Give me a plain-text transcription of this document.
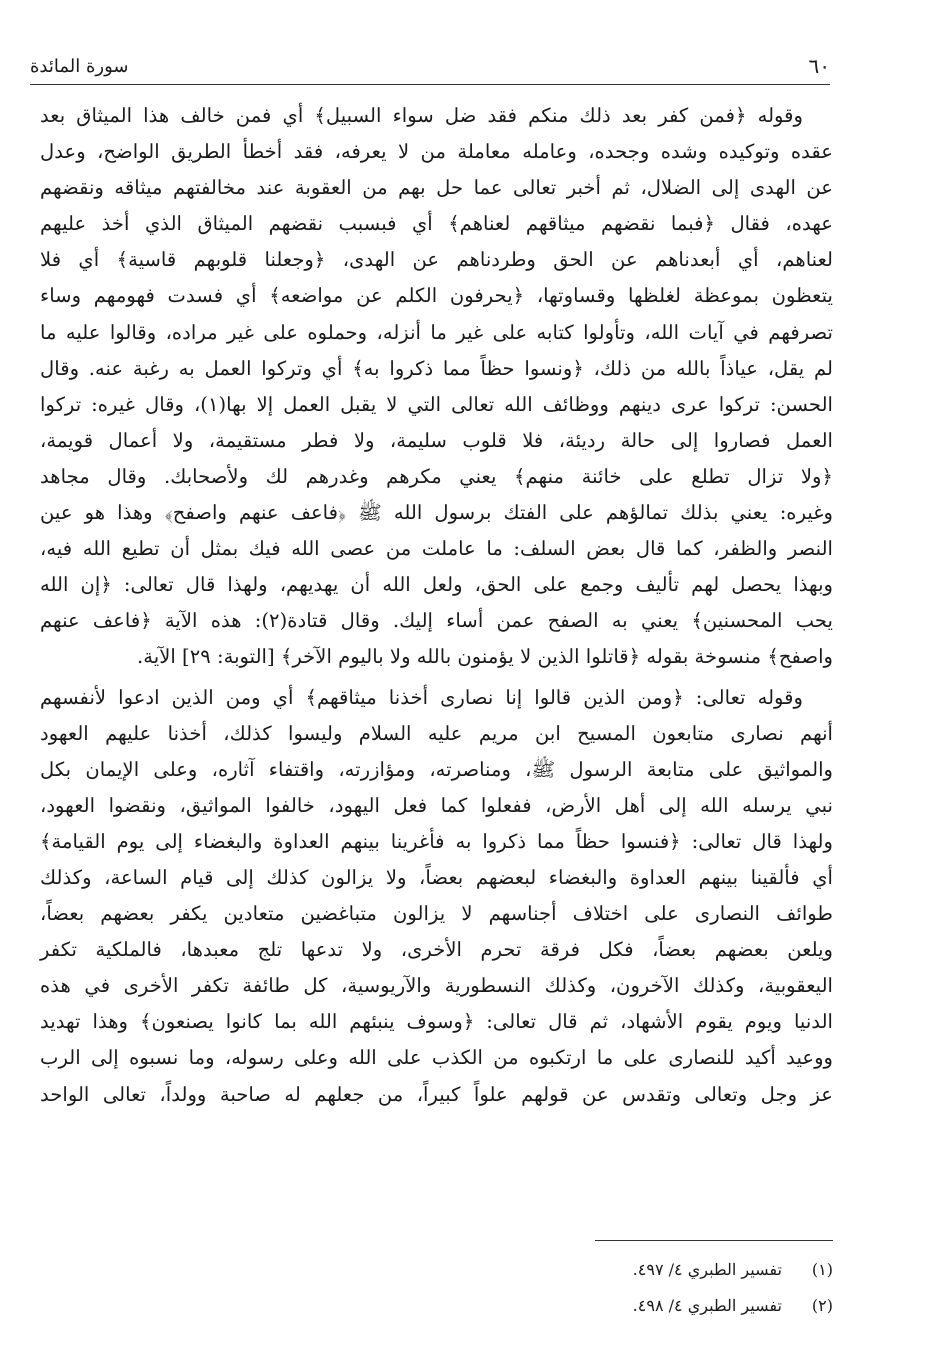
٦٠
سورة المائدة

وقوله ﴿فمن كفر بعد ذلك منكم فقد ضل سواء السبيل﴾ أي فمن خالف هذا الميثاق بعد
عقده وتوكيده وشده وجحده، وعامله معاملة من لا يعرفه، فقد أخطأ الطريق الواضح، وعدل
عن الهدى إلى الضلال، ثم أخبر تعالى عما حل بهم من العقوبة عند مخالفتهم ميثاقه ونقضهم
عهده، فقال ﴿فبما نقضهم ميثاقهم لعناهم﴾ أي فبسبب نقضهم الميثاق الذي أخذ عليهم
لعناهم، أي أبعدناهم عن الحق وطردناهم عن الهدى، ﴿وجعلنا قلوبهم قاسية﴾ أي فلا
يتعظون بموعظة لغلظها وقساوتها، ﴿يحرفون الكلم عن مواضعه﴾ أي فسدت فهومهم وساء
تصرفهم في آيات الله، وتأولوا كتابه على غير ما أنزله، وحملوه على غير مراده، وقالوا عليه ما
لم يقل، عياذاً بالله من ذلك، ﴿ونسوا حظاً مما ذكروا به﴾ أي وتركوا العمل به رغبة عنه. وقال
الحسن: تركوا عرى دينهم ووظائف الله تعالى التي لا يقبل العمل إلا بها(١)، وقال غيره: تركوا
العمل فصاروا إلى حالة رديئة، فلا قلوب سليمة، ولا فطر مستقيمة، ولا أعمال قويمة،
﴿ولا تزال تطلع على خائنة منهم﴾ يعني مكرهم وغدرهم لك ولأصحابك. وقال مجاهد
وغيره: يعني بذلك تمالؤهم على الفتك برسول الله ﷺ ﴿فاعف عنهم واصفح﴾ وهذا هو عين
النصر والظفر، كما قال بعض السلف: ما عاملت من عصى الله فيك بمثل أن تطيع الله فيه،
وبهذا يحصل لهم تأليف وجمع على الحق، ولعل الله أن يهديهم، ولهذا قال تعالى: ﴿إن الله
يحب المحسنين﴾ يعني به الصفح عمن أساء إليك. وقال قتادة(٢): هذه الآية ﴿فاعف عنهم
واصفح﴾ منسوخة بقوله ﴿قاتلوا الذين لا يؤمنون بالله ولا باليوم الآخر﴾ [التوبة: ٢٩] الآية.

وقوله تعالى: ﴿ومن الذين قالوا إنا نصارى أخذنا ميثاقهم﴾ أي ومن الذين ادعوا لأنفسهم
أنهم نصارى متابعون المسيح ابن مريم عليه السلام وليسوا كذلك، أخذنا عليهم العهود
والمواثيق على متابعة الرسول ﷺ، ومناصرته، ومؤازرته، واقتفاء آثاره، وعلى الإيمان بكل
نبي يرسله الله إلى أهل الأرض، ففعلوا كما فعل اليهود، خالفوا المواثيق، ونقضوا العهود،
ولهذا قال تعالى: ﴿فنسوا حظاً مما ذكروا به فأغرينا بينهم العداوة والبغضاء إلى يوم القيامة﴾
أي فألقينا بينهم العداوة والبغضاء لبعضهم بعضاً، ولا يزالون كذلك إلى قيام الساعة، وكذلك
طوائف النصارى على اختلاف أجناسهم لا يزالون متباغضين متعادين يكفر بعضهم بعضاً،
ويلعن بعضهم بعضاً، فكل فرقة تحرم الأخرى، ولا تدعها تلج معبدها، فالملكية تكفر
اليعقوبية، وكذلك الآخرون، وكذلك النسطورية والآريوسية، كل طائفة تكفر الأخرى في هذه
الدنيا ويوم يقوم الأشهاد، ثم قال تعالى: ﴿وسوف ينبئهم الله بما كانوا يصنعون﴾ وهذا تهديد
ووعيد أكيد للنصارى على ما ارتكبوه من الكذب على الله وعلى رسوله، وما نسبوه إلى الرب
عز وجل وتعالى وتقدس عن قولهم علواً كبيراً، من جعلهم له صاحبة وولداً، تعالى الواحد

(١) تفسير الطبري ٤/ ٤٩٧.
(٢) تفسير الطبري ٤/ ٤٩٨.
